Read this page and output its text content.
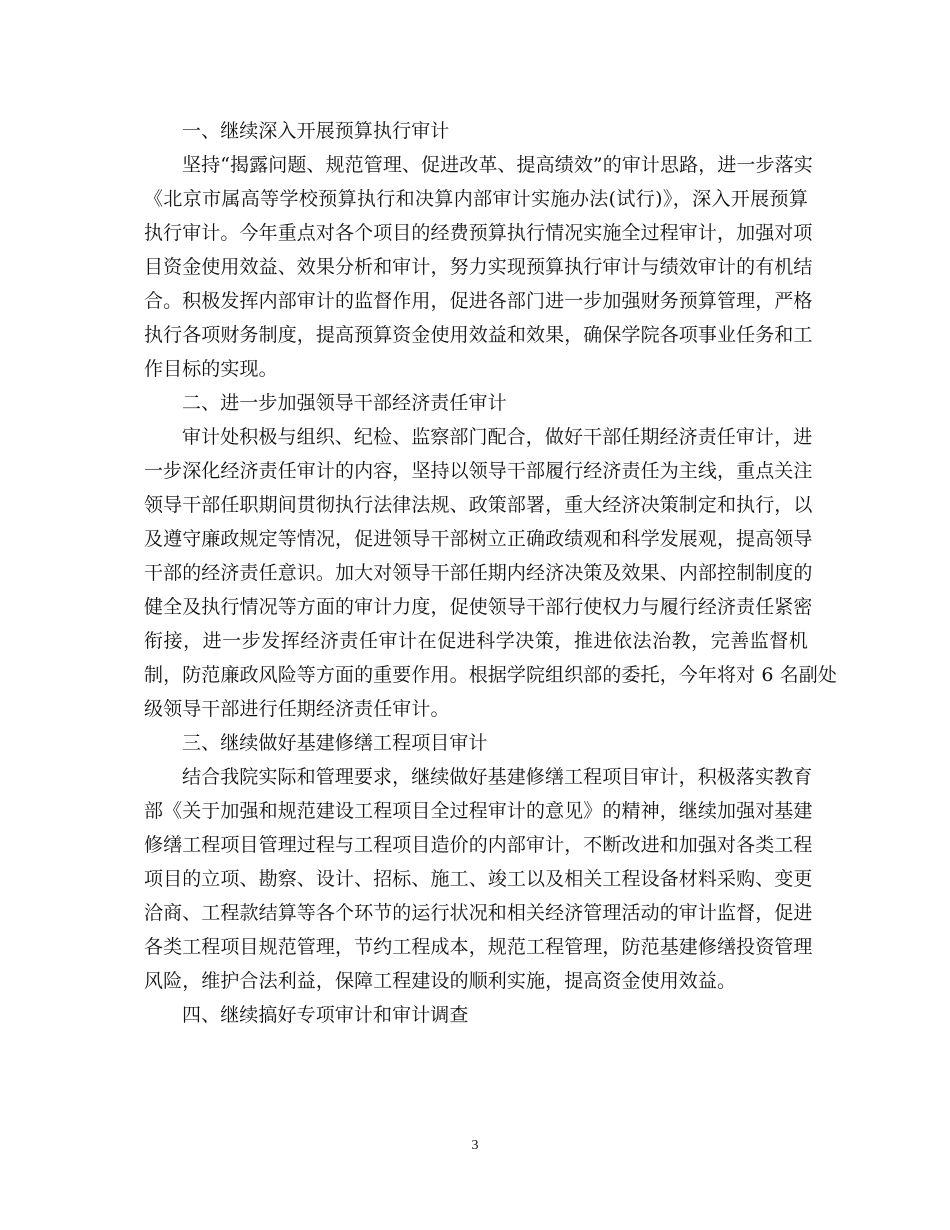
一、继续深入开展预算执行审计
坚持“揭露问题、规范管理、促进改革、提高绩效”的审计思路，进一步落实
《北京市属高等学校预算执行和决算内部审计实施办法(试行)》，深入开展预算
执行审计。今年重点对各个项目的经费预算执行情况实施全过程审计，加强对项
目资金使用效益、效果分析和审计，努力实现预算执行审计与绩效审计的有机结
合。积极发挥内部审计的监督作用，促进各部门进一步加强财务预算管理，严格
执行各项财务制度，提高预算资金使用效益和效果，确保学院各项事业任务和工
作目标的实现。
二、进一步加强领导干部经济责任审计
审计处积极与组织、纪检、监察部门配合，做好干部任期经济责任审计，进
一步深化经济责任审计的内容，坚持以领导干部履行经济责任为主线，重点关注
领导干部任职期间贯彻执行法律法规、政策部署，重大经济决策制定和执行，以
及遵守廉政规定等情况，促进领导干部树立正确政绩观和科学发展观，提高领导
干部的经济责任意识。加大对领导干部任期内经济决策及效果、内部控制制度的
健全及执行情况等方面的审计力度，促使领导干部行使权力与履行经济责任紧密
衔接，进一步发挥经济责任审计在促进科学决策，推进依法治教，完善监督机
制，防范廉政风险等方面的重要作用。根据学院组织部的委托，今年将对 6 名副处
级领导干部进行任期经济责任审计。
三、继续做好基建修缮工程项目审计
结合我院实际和管理要求，继续做好基建修缮工程项目审计，积极落实教育
部《关于加强和规范建设工程项目全过程审计的意见》的精神，继续加强对基建
修缮工程项目管理过程与工程项目造价的内部审计，不断改进和加强对各类工程
项目的立项、勘察、设计、招标、施工、竣工以及相关工程设备材料采购、变更
洽商、工程款结算等各个环节的运行状况和相关经济管理活动的审计监督，促进
各类工程项目规范管理，节约工程成本，规范工程管理，防范基建修缮投资管理
风险，维护合法利益，保障工程建设的顺利实施，提高资金使用效益。
四、继续搞好专项审计和审计调查
3
